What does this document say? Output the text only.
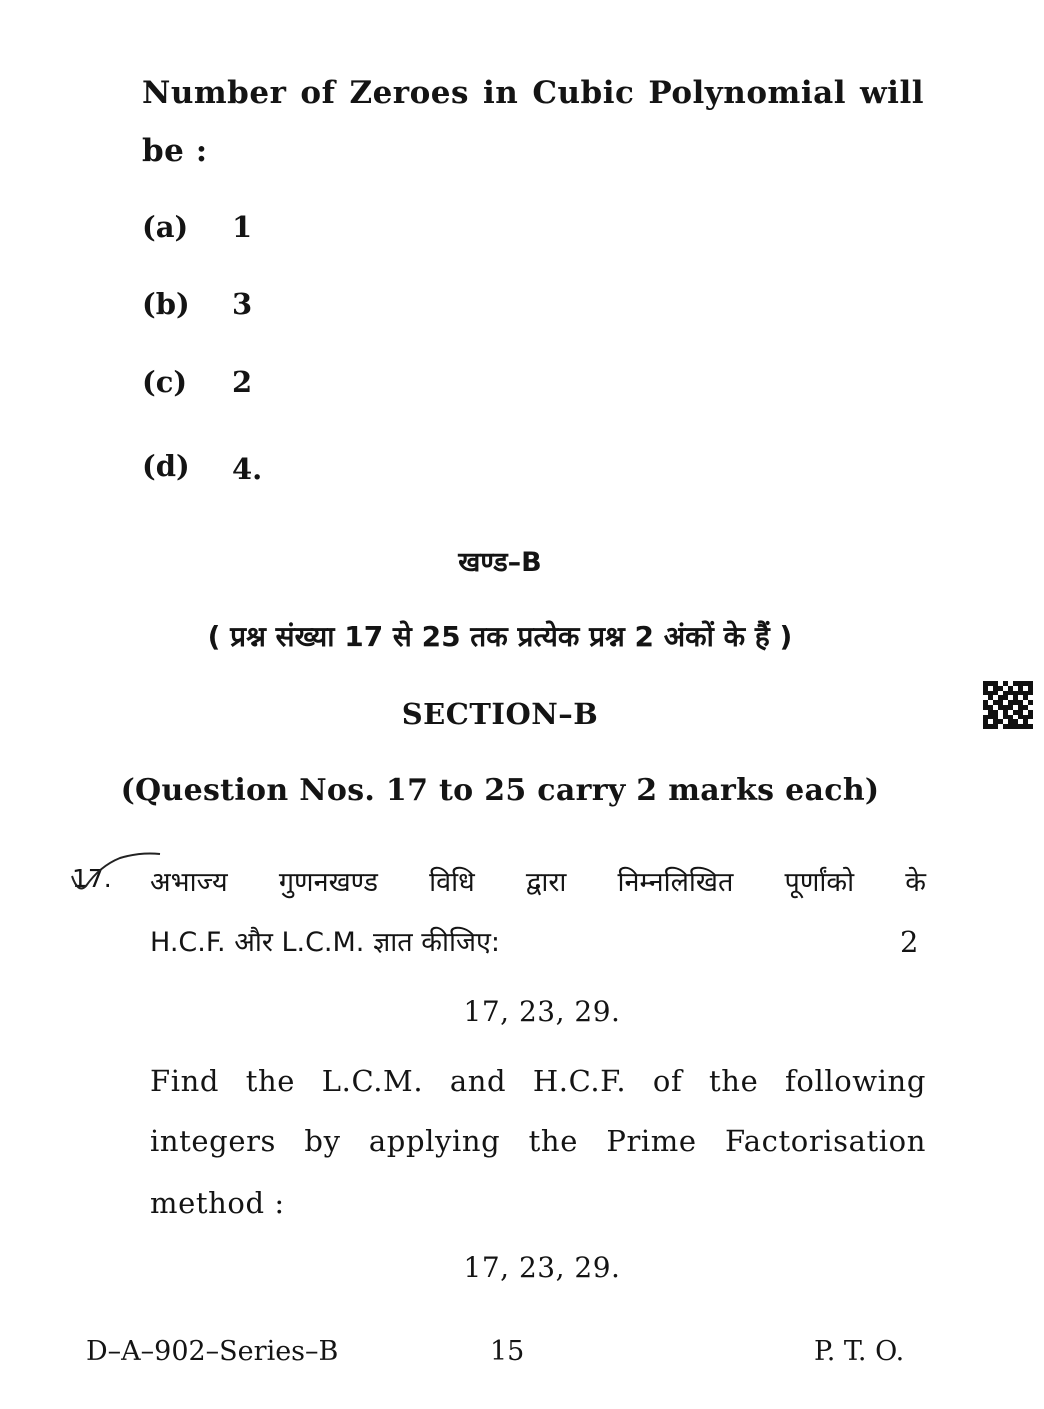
Number of Zeroes in Cubic Polynomial will
be :
(a) 1
(b) 3
(c) 2
(d) 4.
खण्ड–B
( प्रश्न संख्या 17 से 25 तक प्रत्येक प्रश्न 2 अंकों के हैं )
SECTION–B
(Question Nos. 17 to 25 carry 2 marks each)
17. अभाज्य गुणनखण्ड विधि द्वारा निम्नलिखित पूर्णांको के
H.C.F. और L.C.M. ज्ञात कीजिए:	2
17, 23, 29.
Find the L.C.M. and H.C.F. of the following
integers by applying the Prime Factorisation
method :
17, 23, 29.
D–A–902–Series–B	15	P. T. O.
